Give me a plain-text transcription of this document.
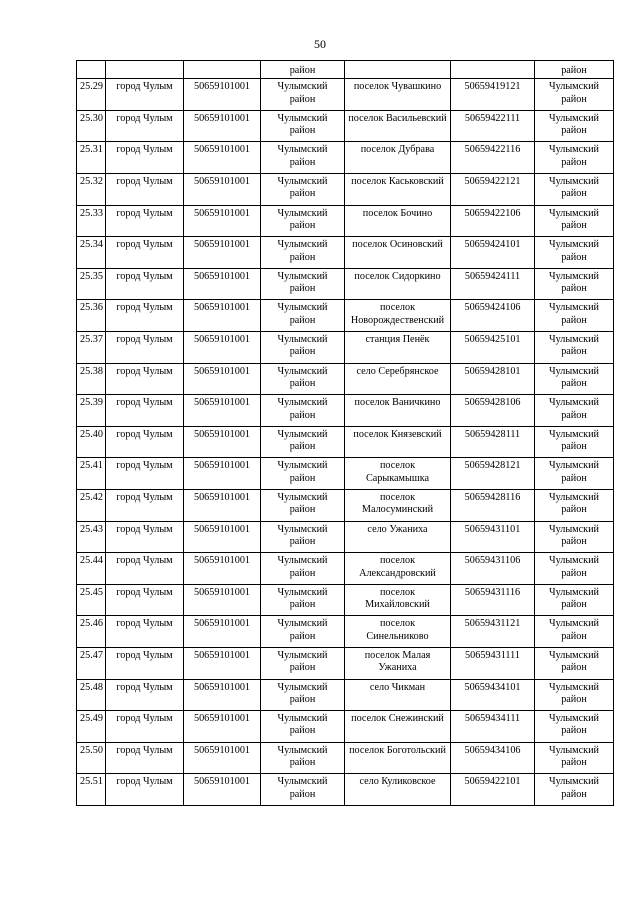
50
			район			район
25.29	город Чулым	50659101001	Чулымский район	поселок Чувашкино	50659419121	Чулымский район
25.30	город Чулым	50659101001	Чулымский район	поселок Васильевский	50659422111	Чулымский район
25.31	город Чулым	50659101001	Чулымский район	поселок Дубрава	50659422116	Чулымский район
25.32	город Чулым	50659101001	Чулымский район	поселок Каськовский	50659422121	Чулымский район
25.33	город Чулым	50659101001	Чулымский район	поселок Бочино	50659422106	Чулымский район
25.34	город Чулым	50659101001	Чулымский район	поселок Осиновский	50659424101	Чулымский район
25.35	город Чулым	50659101001	Чулымский район	поселок Сидоркино	50659424111	Чулымский район
25.36	город Чулым	50659101001	Чулымский район	поселок Новорождественский	50659424106	Чулымский район
25.37	город Чулым	50659101001	Чулымский район	станция Пенёк	50659425101	Чулымский район
25.38	город Чулым	50659101001	Чулымский район	село Серебрянское	50659428101	Чулымский район
25.39	город Чулым	50659101001	Чулымский район	поселок Ваничкино	50659428106	Чулымский район
25.40	город Чулым	50659101001	Чулымский район	поселок Князевский	50659428111	Чулымский район
25.41	город Чулым	50659101001	Чулымский район	поселок Сарыкамышка	50659428121	Чулымский район
25.42	город Чулым	50659101001	Чулымский район	поселок Малосуминский	50659428116	Чулымский район
25.43	город Чулым	50659101001	Чулымский район	село Ужаниха	50659431101	Чулымский район
25.44	город Чулым	50659101001	Чулымский район	поселок Александровский	50659431106	Чулымский район
25.45	город Чулым	50659101001	Чулымский район	поселок Михайловский	50659431116	Чулымский район
25.46	город Чулым	50659101001	Чулымский район	поселок Синельниково	50659431121	Чулымский район
25.47	город Чулым	50659101001	Чулымский район	поселок Малая Ужаниха	50659431111	Чулымский район
25.48	город Чулым	50659101001	Чулымский район	село Чикман	50659434101	Чулымский район
25.49	город Чулым	50659101001	Чулымский район	поселок Снежинский	50659434111	Чулымский район
25.50	город Чулым	50659101001	Чулымский район	поселок Боготольский	50659434106	Чулымский район
25.51	город Чулым	50659101001	Чулымский район	село Куликовское	50659422101	Чулымский район
